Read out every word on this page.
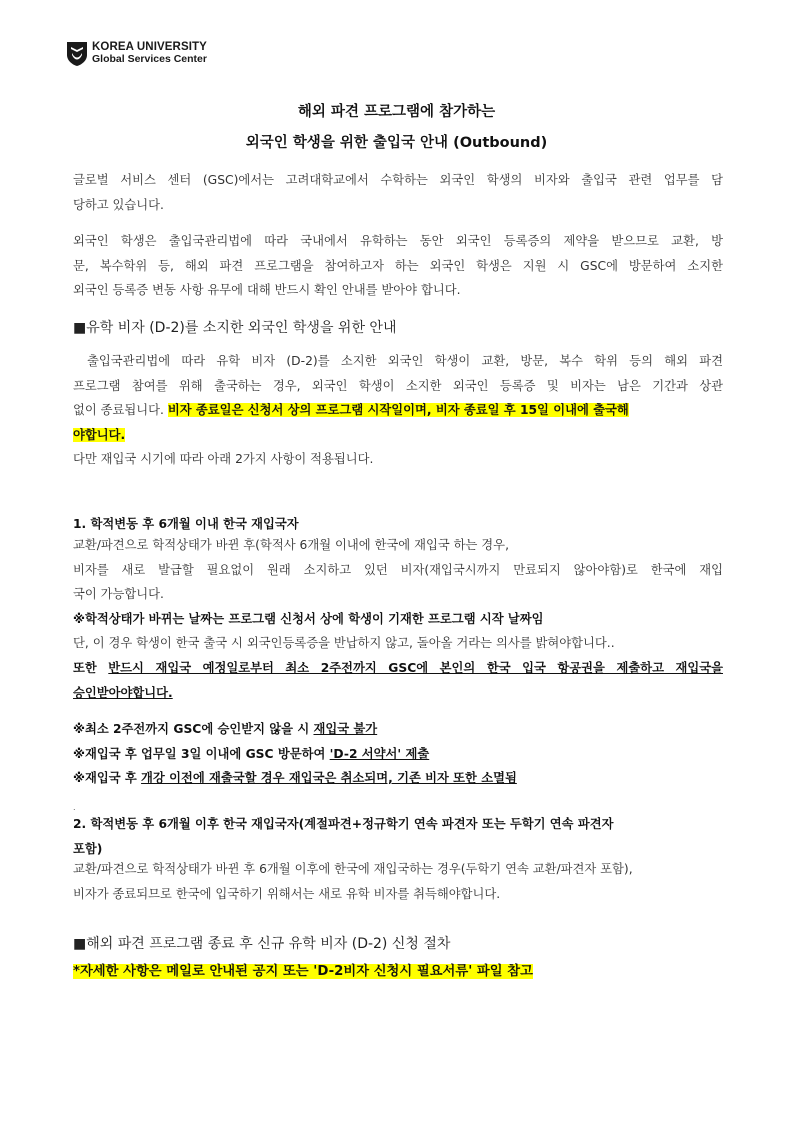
KOREA UNIVERSITY
Global Services Center
해외 파견 프로그램에 참가하는
외국인 학생을 위한 출입국 안내 (Outbound)
글로벌 서비스 센터 (GSC)에서는 고려대학교에서 수학하는 외국인 학생의 비자와 출입국 관련 업무를 담
당하고 있습니다.
외국인 학생은 출입국관리법에 따라 국내에서 유학하는 동안 외국인 등록증의 제약을 받으므로 교환, 방
문, 복수학위 등, 해외 파견 프로그램을 참여하고자 하는 외국인 학생은 지원 시 GSC에 방문하여 소지한
외국인 등록증 변동 사항 유무에 대해 반드시 확인 안내를 받아야 합니다.
■유학 비자 (D-2)를 소지한 외국인 학생을 위한 안내
출입국관리법에 따라 유학 비자 (D-2)를 소지한 외국인 학생이 교환, 방문, 복수 학위 등의 해외 파견
프로그램 참여를 위해 출국하는 경우, 외국인 학생이 소지한 외국인 등록증 및 비자는 남은 기간과 상관
없이 종료됩니다. 비자 종료일은 신청서 상의 프로그램 시작일이며, 비자 종료일 후 15일 이내에 출국해
야합니다.
다만 재입국 시기에 따라 아래 2가지 사항이 적용됩니다.
1. 학적변동 후 6개월 이내 한국 재입국자
교환/파견으로 학적상태가 바뀐 후(학적사 6개월 이내에 한국에 재입국 하는 경우,
비자를 새로 발급할 필요없이 원래 소지하고 있던 비자(재입국시까지 만료되지 않아야함)로 한국에 재입
국이 가능합니다.
※학적상태가 바뀌는 날짜는 프로그램 신청서 상에 학생이 기재한 프로그램 시작 날짜임
단, 이 경우 학생이 한국 출국 시 외국인등록증을 반납하지 않고, 돌아올 거라는 의사를 밝혀야합니다..
또한 반드시 재입국 예정일로부터 최소 2주전까지 GSC에 본인의 한국 입국 항공권을 제출하고 재입국을
승인받아야합니다.
※최소 2주전까지 GSC에 승인받지 않을 시 재입국 불가
※재입국 후 업무일 3일 이내에 GSC 방문하여 'D-2 서약서' 제출
※재입국 후 개강 이전에 재출국할 경우 재입국은 취소되며, 기존 비자 또한 소멸됨
.
2. 학적변동 후 6개월 이후 한국 재입국자(계절파견+정규학기 연속 파견자 또는 두학기 연속 파견자
포함)
교환/파견으로 학적상태가 바뀐 후 6개월 이후에 한국에 재입국하는 경우(두학기 연속 교환/파견자 포함),
비자가 종료되므로 한국에 입국하기 위해서는 새로 유학 비자를 취득해야합니다.
■해외 파견 프로그램 종료 후 신규 유학 비자 (D-2) 신청 절차
*자세한 사항은 메일로 안내된 공지 또는 'D-2비자 신청시 필요서류' 파일 참고
